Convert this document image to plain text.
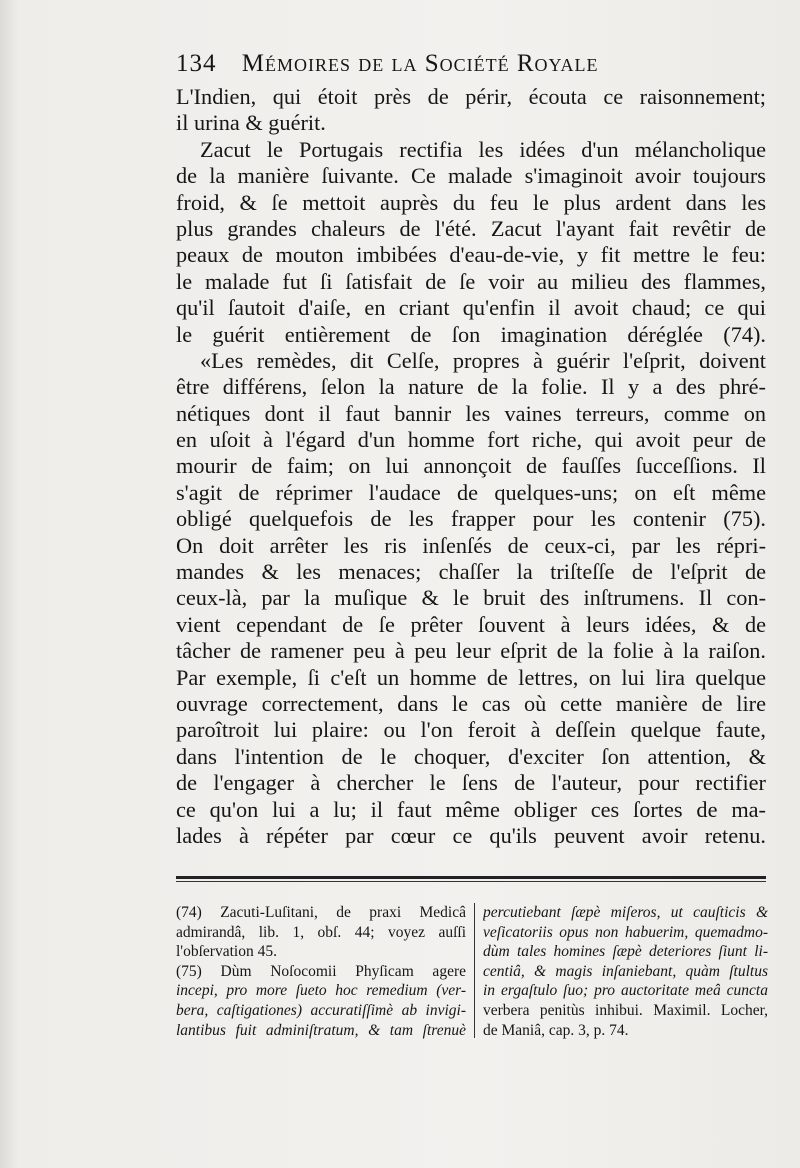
134 Mémoires de la Société Royale
L'Indien, qui étoit près de périr, écouta ce raisonnement;
il urina & guérit.
Zacut le Portugais rectifia les idées d'un mélancholique
de la manière ſuivante. Ce malade s'imaginoit avoir toujours
froid, & ſe mettoit auprès du feu le plus ardent dans les
plus grandes chaleurs de l'été. Zacut l'ayant fait revêtir de
peaux de mouton imbibées d'eau-de-vie, y fit mettre le feu:
le malade fut ſi ſatisfait de ſe voir au milieu des flammes,
qu'il ſautoit d'aiſe, en criant qu'enfin il avoit chaud; ce qui
le guérit entièrement de ſon imagination déréglée (74).
«Les remèdes, dit Celſe, propres à guérir l'eſprit, doivent
être différens, ſelon la nature de la folie. Il y a des phré-
nétiques dont il faut bannir les vaines terreurs, comme on
en uſoit à l'égard d'un homme fort riche, qui avoit peur de
mourir de faim; on lui annonçoit de fauſſes ſucceſſions. Il
s'agit de réprimer l'audace de quelques-uns; on eſt même
obligé quelquefois de les frapper pour les contenir (75).
On doit arrêter les ris inſenſés de ceux-ci, par les répri-
mandes & les menaces; chaſſer la triſteſſe de l'eſprit de
ceux-là, par la muſique & le bruit des inſtrumens. Il con-
vient cependant de ſe prêter ſouvent à leurs idées, & de
tâcher de ramener peu à peu leur eſprit de la folie à la raiſon.
Par exemple, ſi c'eſt un homme de lettres, on lui lira quelque
ouvrage correctement, dans le cas où cette manière de lire
paroîtroit lui plaire: ou l'on feroit à deſſein quelque faute,
dans l'intention de le choquer, d'exciter ſon attention, &
de l'engager à chercher le ſens de l'auteur, pour rectifier
ce qu'on lui a lu; il faut même obliger ces ſortes de ma-
lades à répéter par cœur ce qu'ils peuvent avoir retenu.
(74) Zacuti-Luſitani, de praxi Medicâ
admirandâ, lib. 1, obſ. 44; voyez auſſi
l'obſervation 45.
(75) Dùm Noſocomii Phyſicam agere
incepi, pro more ſueto hoc remedium (ver-
bera, caſtigationes) accuratiſſimè ab invigi-
lantibus fuit adminiſtratum, & tam ſtrenuè
percutiebant ſæpè miſeros, ut cauſticis &
veſicatoriis opus non habuerim, quemadmo-
dùm tales homines ſæpè deteriores ſiunt li-
centiâ, & magis inſaniebant, quàm ſtultus
in ergaſtulo ſuo; pro auctoritate meâ cuncta
verbera penitùs inhibui. Maximil. Locher,
de Maniâ, cap. 3, p. 74.
